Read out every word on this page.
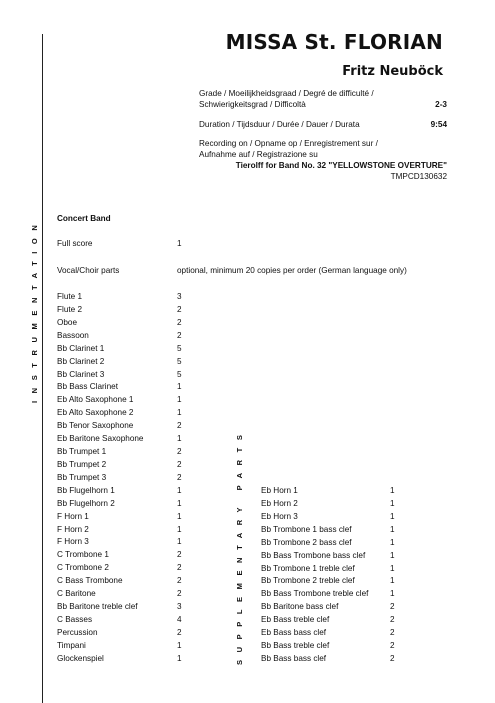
MISSA St. FLORIAN
Fritz Neuböck
Grade / Moeilijkheidsgraad / Degré de difficulté /
Schwierigkeitsgrad / Difficoltà	2-3
Duration / Tijdsduur / Durée / Dauer / Durata	9:54
Recording on / Opname op / Enregistrement sur /
Aufnahme auf / Registrazione su
Tierolff for Band No. 32 "YELLOWSTONE OVERTURE"
TMPCD130632
INSTRUMENTATION
SUPPLEMENTARY PARTS
Concert Band
Full score	1
Vocal/Choir parts	optional, minimum 20 copies per order (German language only)
Flute 1	3
Flute 2	2
Oboe	2
Bassoon	2
Bb Clarinet 1	5
Bb Clarinet 2	5
Bb Clarinet 3	5
Bb Bass Clarinet	1
Eb Alto Saxophone 1	1
Eb Alto Saxophone 2	1
Bb Tenor Saxophone	2
Eb Baritone Saxophone	1
Bb Trumpet 1	2
Bb Trumpet 2	2
Bb Trumpet 3	2
Bb Flugelhorn 1	1
Bb Flugelhorn 2	1
F Horn 1	1
F Horn 2	1
F Horn 3	1
C Trombone 1	2
C Trombone 2	2
C Bass Trombone	2
C Baritone	2
Bb Baritone treble clef	3
C Basses	4
Percussion	2
Timpani	1
Glockenspiel	1
Eb Horn 1	1
Eb Horn 2	1
Eb Horn 3	1
Bb Trombone 1 bass clef	1
Bb Trombone 2 bass clef	1
Bb Bass Trombone bass clef	1
Bb Trombone 1 treble clef	1
Bb Trombone 2 treble clef	1
Bb Bass Trombone treble clef	1
Bb Baritone bass clef	2
Eb Bass treble clef	2
Eb Bass bass clef	2
Bb Bass treble clef	2
Bb Bass bass clef	2
